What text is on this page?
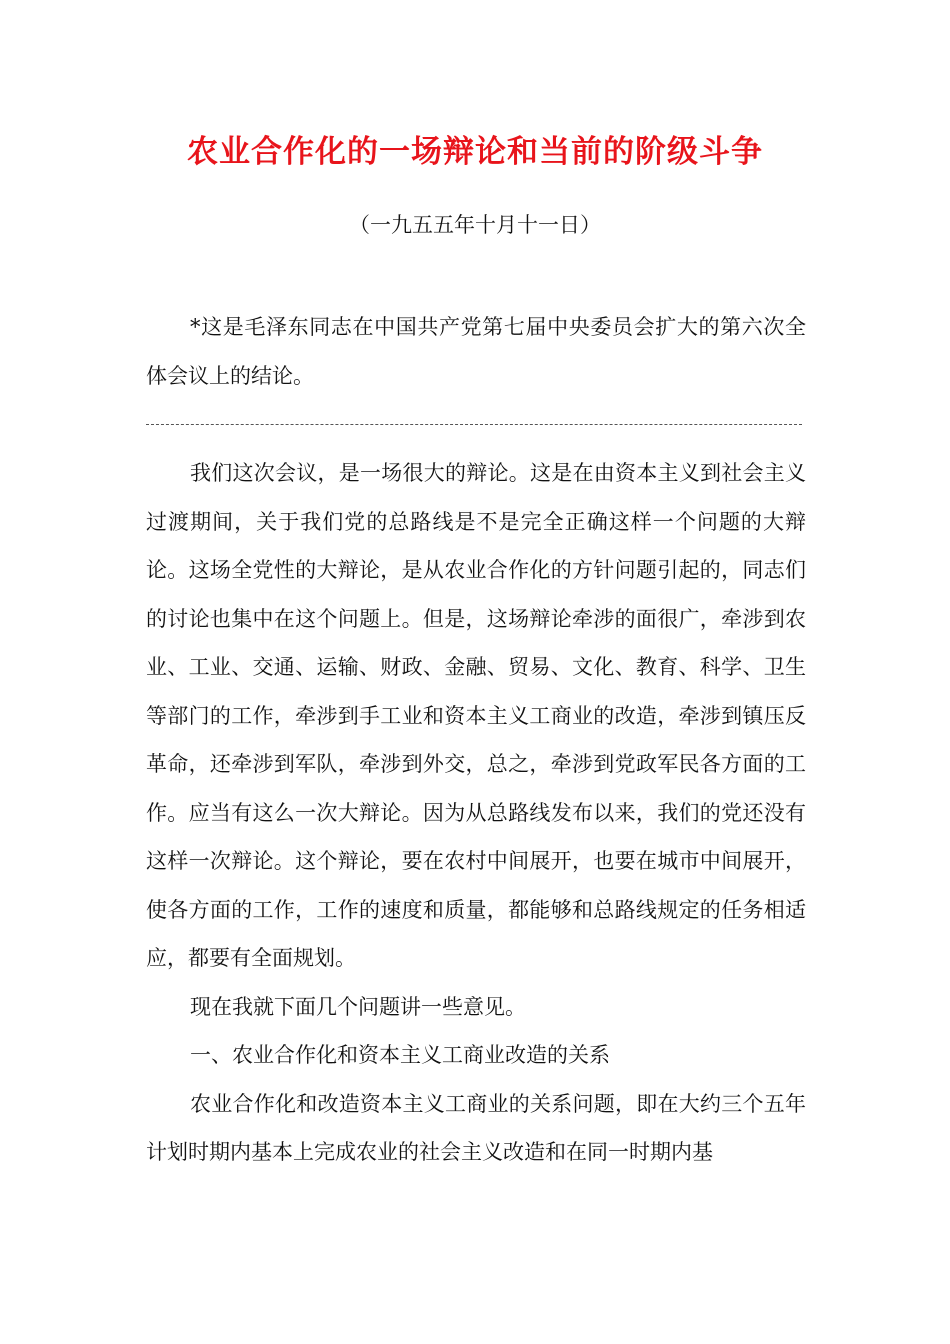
农业合作化的一场辩论和当前的阶级斗争
（一九五五年十月十一日）

*这是毛泽东同志在中国共产党第七届中央委员会扩大的第六次全体会议上的结论。

我们这次会议，是一场很大的辩论。这是在由资本主义到社会主义过渡期间，关于我们党的总路线是不是完全正确这样一个问题的大辩论。这场全党性的大辩论，是从农业合作化的方针问题引起的，同志们的讨论也集中在这个问题上。但是，这场辩论牵涉的面很广，牵涉到农业、工业、交通、运输、财政、金融、贸易、文化、教育、科学、卫生等部门的工作，牵涉到手工业和资本主义工商业的改造，牵涉到镇压反革命，还牵涉到军队，牵涉到外交，总之，牵涉到党政军民各方面的工作。应当有这么一次大辩论。因为从总路线发布以来，我们的党还没有这样一次辩论。这个辩论，要在农村中间展开，也要在城市中间展开，使各方面的工作，工作的速度和质量，都能够和总路线规定的任务相适应，都要有全面规划。

现在我就下面几个问题讲一些意见。

一、农业合作化和资本主义工商业改造的关系

农业合作化和改造资本主义工商业的关系问题，即在大约三个五年计划时期内基本上完成农业的社会主义改造和在同一时期内基
